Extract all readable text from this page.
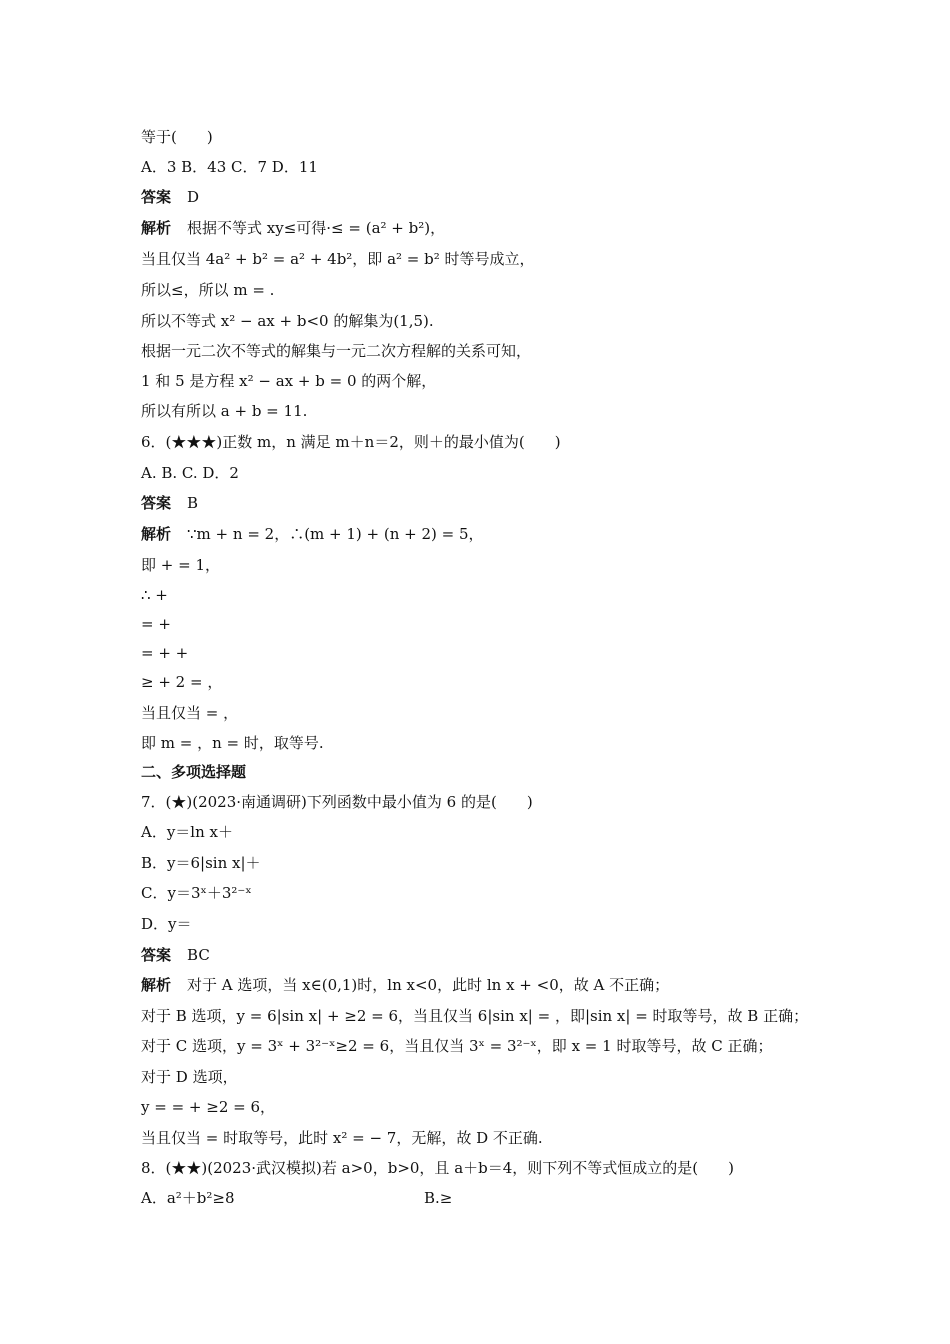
等于(　　)
A．3 B．43 C．7 D．11
答案 D
解析 根据不等式 xy≤可得·≤ = (a² + b²)，
当且仅当 4a² + b² = a² + 4b²，即 a² = b² 时等号成立，
所以≤，所以 m = .
所以不等式 x² − ax + b<0 的解集为(1,5).
根据一元二次不等式的解集与一元二次方程解的关系可知，
1 和 5 是方程 x² − ax + b = 0 的两个解，
所以有所以 a + b = 11.
6．(★★★)正数 m，n 满足 m＋n＝2，则＋的最小值为(　　)
A. B. C. D．2
答案 B
解析 ∵m + n = 2，∴(m + 1) + (n + 2) = 5，
即 + = 1，
∴ +
= +
= + +
≥ + 2 = ，
当且仅当 = ，
即 m = ，n = 时，取等号.
二、多项选择题
7．(★)(2023·南通调研)下列函数中最小值为 6 的是(　　)
A．y＝ln x＋
B．y＝6|sin x|＋
C．y＝3ˣ＋3²⁻ˣ
D．y＝
答案 BC
解析 对于 A 选项，当 x∈(0,1)时，ln x<0，此时 ln x + <0，故 A 不正确；
对于 B 选项，y = 6|sin x| + ≥2 = 6，当且仅当 6|sin x| = ，即|sin x| = 时取等号，故 B 正确；
对于 C 选项，y = 3ˣ + 3²⁻ˣ≥2 = 6，当且仅当 3ˣ = 3²⁻ˣ，即 x = 1 时取等号，故 C 正确；
对于 D 选项，
y = = + ≥2 = 6，
当且仅当 = 时取等号，此时 x² = − 7，无解，故 D 不正确.
8．(★★)(2023·武汉模拟)若 a>0，b>0，且 a＋b＝4，则下列不等式恒成立的是(　　)
A．a²＋b²≥8	B.≥
